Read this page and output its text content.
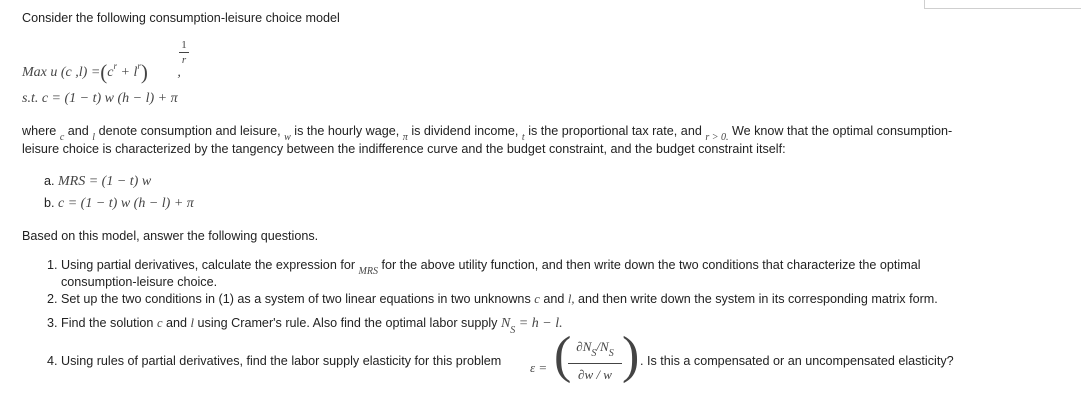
Consider the following consumption-leisure choice model
1
r
Max u (c $,l) =(c^r + l^r)$ ,
s.t. c = (1 − t) w (h − l) + π
where $_c$ and $_l$ denote consumption and leisure, $_w$ is the hourly wage, $_\pi$ is dividend income, $_t$ is the proportional tax rate, and $_{r > 0.}$ We know that the optimal consumption-
leisure choice is characterized by the tangency between the indifference curve and the budget constraint, and the budget constraint itself:
a. MRS = (1 − t) w
b. c = (1 − t) w (h − l) + π
Based on this model, answer the following questions.
1. Using partial derivatives, calculate the expression for $_{MRS}$ for the above utility function, and then write down the two conditions that characterize the optimal
consumption-leisure choice.
2. Set up the two conditions in (1) as a system of two linear equations in two unknowns c and l, and then write down the system in its corresponding matrix form.
3. Find the solution c and l using Cramer's rule. Also find the optimal labor supply $N_S = h - l$.
4. Using rules of partial derivatives, find the labor supply elasticity for this problem ε = ( $\partial N_S/N_S$
∂w / w ) . Is this a compensated or an uncompensated elasticity?
